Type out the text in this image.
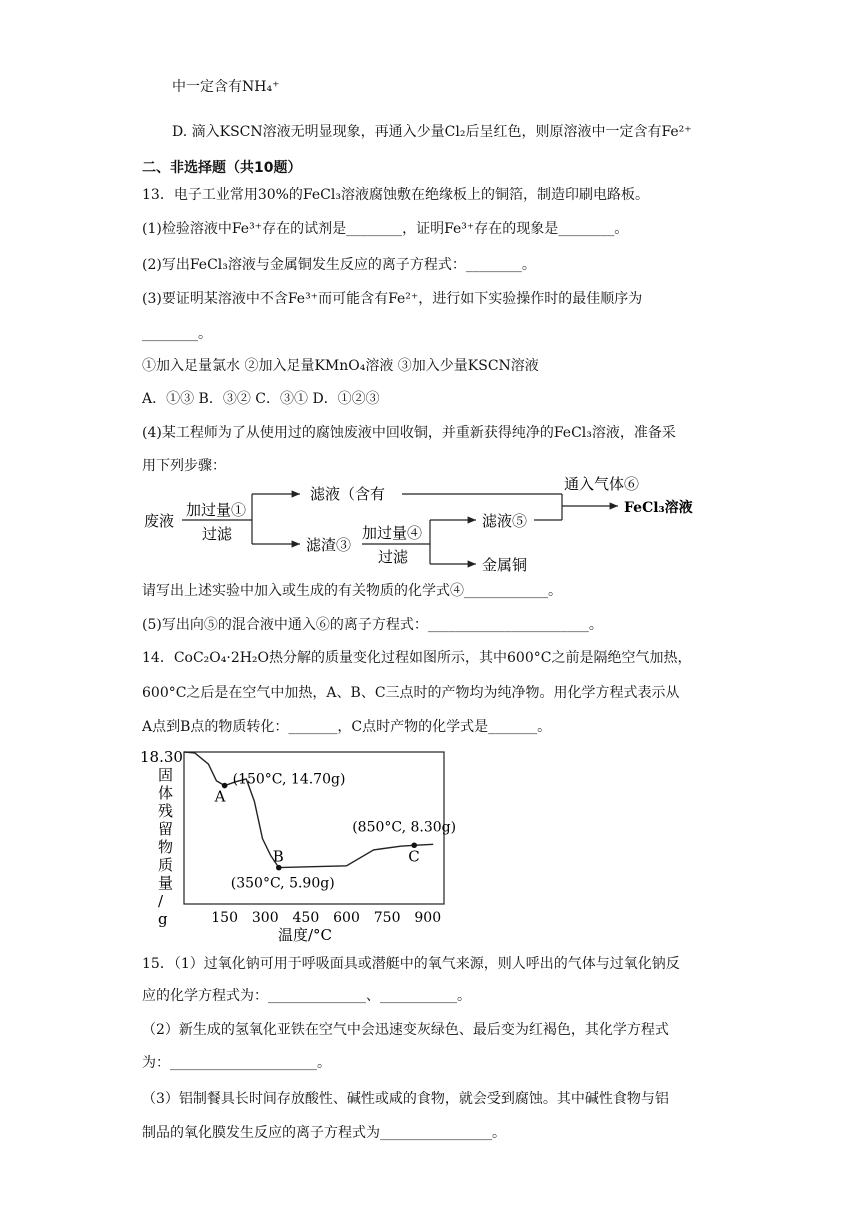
中一定含有NH₄⁺
D. 滴入KSCN溶液无明显现象，再通入少量Cl₂后呈红色，则原溶液中一定含有Fe²⁺
二、非选择题（共10题）
13．电子工业常用30%的FeCl₃溶液腐蚀敷在绝缘板上的铜箔，制造印刷电路板。
(1)检验溶液中Fe³⁺存在的试剂是________，证明Fe³⁺存在的现象是________。
(2)写出FeCl₃溶液与金属铜发生反应的离子方程式：________。
(3)要证明某溶液中不含Fe³⁺而可能含有Fe²⁺，进行如下实验操作时的最佳顺序为
________。
①加入足量氯水 ②加入足量KMnO₄溶液 ③加入少量KSCN溶液
A．①③ B．③② C．③① D．①②③
(4)某工程师为了从使用过的腐蚀废液中回收铜，并重新获得纯净的FeCl₃溶液，准备采
用下列步骤：
废液
加过量①
过滤
滤液（含有
通入气体⑥
FeCl₃溶液
滤渣③
加过量④
过滤
滤液⑤
金属铜
请写出上述实验中加入或生成的有关物质的化学式④____________。
(5)写出向⑤的混合液中通入⑥的离子方程式：_______________________。
14．CoC₂O₄·2H₂O热分解的质量变化过程如图所示，其中600°C之前是隔绝空气加热，
600°C之后是在空气中加热，A、B、C三点时的产物均为纯净物。用化学方程式表示从
A点到B点的物质转化：_______，C点时产物的化学式是_______。
18.30
固体残留物质量/ g
温度/°C
150 300 450 600 750 900
A
(150°C, 14.70g)
B
(350°C, 5.90g)
C
(850°C, 8.30g)
15．（1）过氧化钠可用于呼吸面具或潜艇中的氧气来源，则人呼出的气体与过氧化钠反
应的化学方程式为：______________、___________。
（2）新生成的氢氧化亚铁在空气中会迅速变灰绿色、最后变为红褐色，其化学方程式
为：_____________________。
（3）铝制餐具长时间存放酸性、碱性或咸的食物，就会受到腐蚀。其中碱性食物与铝
制品的氧化膜发生反应的离子方程式为________________。
